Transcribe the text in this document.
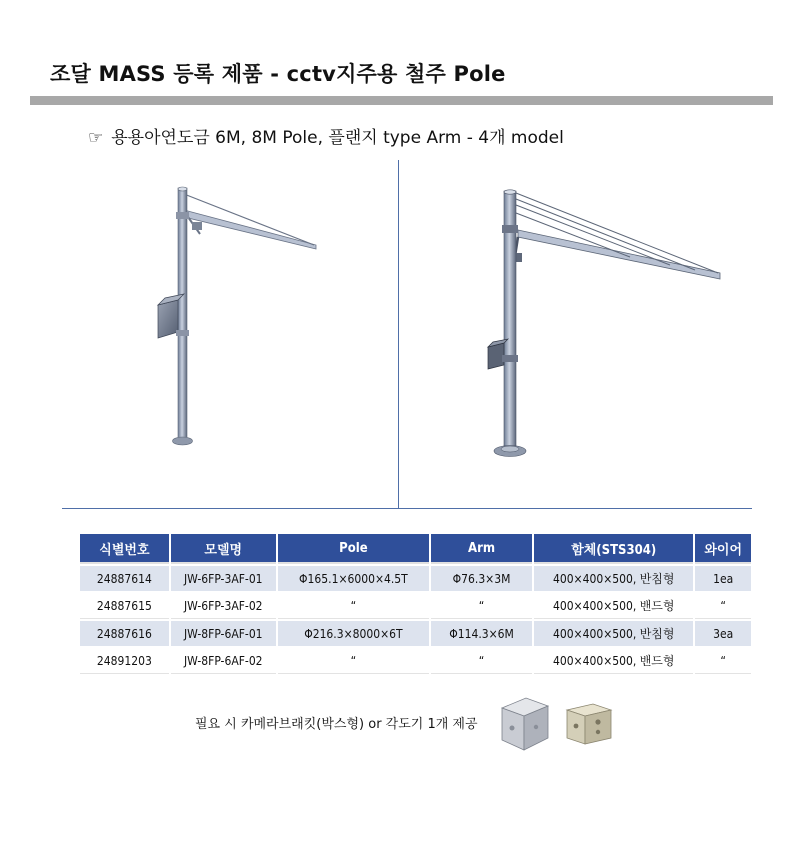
조달 MASS 등록 제품 - cctv지주용 철주 Pole
☞ 용용아연도금 6M, 8M Pole, 플랜지 type Arm - 4개 model
식별번호	모델명	Pole	Arm	함체(STS304)	와이어
24887614	JW-6FP-3AF-01	Φ165.1×6000×4.5T	Φ76.3×3M	400×400×500, 반침형	1ea
24887615	JW-6FP-3AF-02	“	“	400×400×500, 밴드형	“
24887616	JW-8FP-6AF-01	Φ216.3×8000×6T	Φ114.3×6M	400×400×500, 반침형	3ea
24891203	JW-8FP-6AF-02	“	“	400×400×500, 밴드형	“
필요 시 카메라브래킷(박스형) or 각도기 1개 제공
